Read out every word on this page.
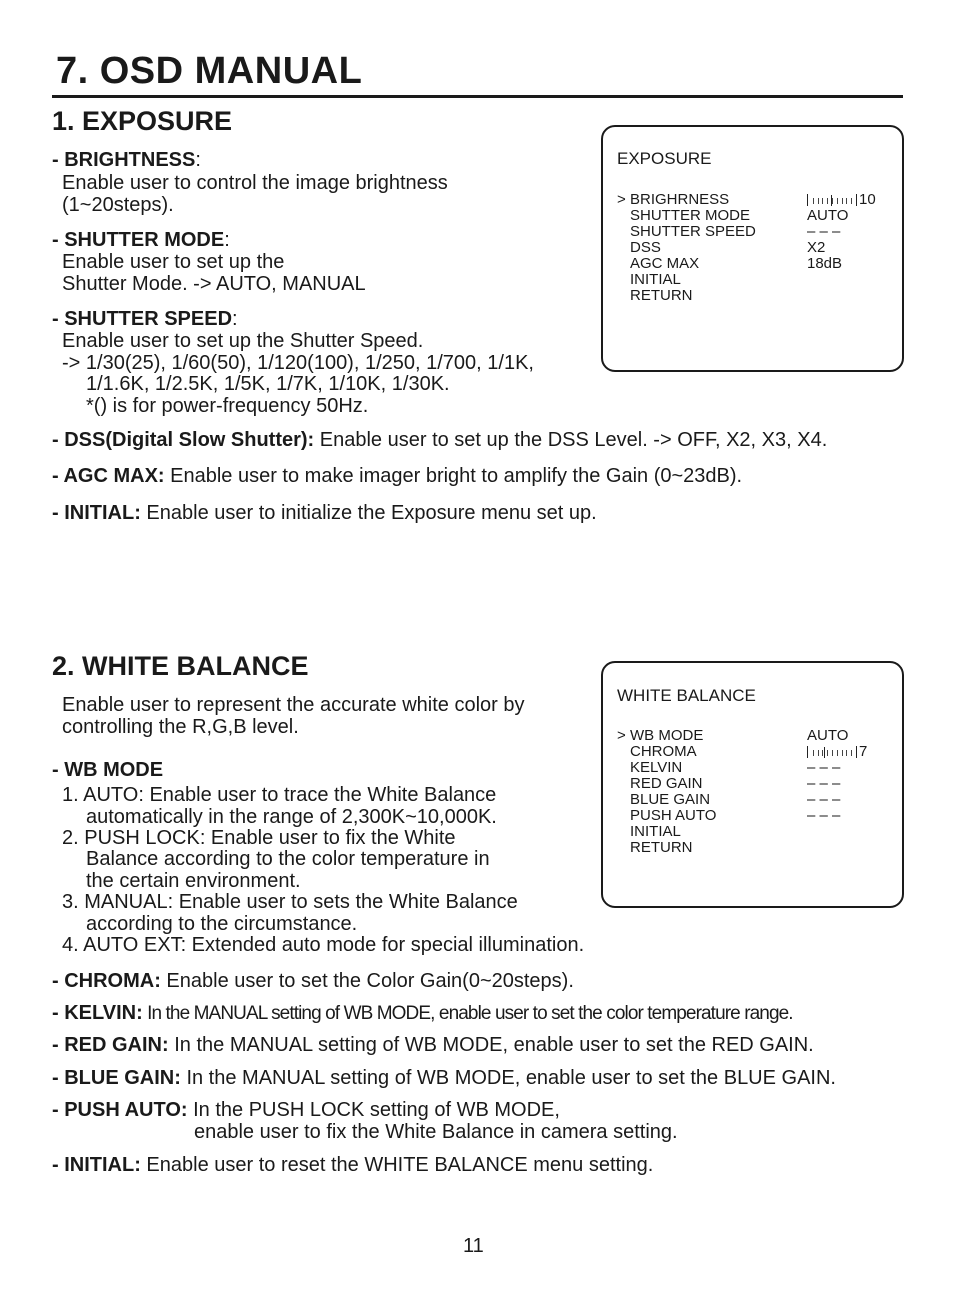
7. OSD MANUAL
1. EXPOSURE
- BRIGHTNESS:
Enable user to control the image brightness
(1~20steps).
- SHUTTER MODE:
Enable user to set up the
Shutter Mode. -> AUTO, MANUAL
- SHUTTER SPEED:
Enable user to set up the Shutter Speed.
-> 1/30(25), 1/60(50), 1/120(100), 1/250, 1/700, 1/1K,
1/1.6K, 1/2.5K, 1/5K, 1/7K, 1/10K, 1/30K.
*() is for power-frequency 50Hz.
- DSS(Digital Slow Shutter): Enable user to set up the DSS Level. -> OFF, X2, X3, X4.
- AGC MAX: Enable user to make imager bright to amplify the Gain (0~23dB).
- INITIAL: Enable user to initialize the Exposure menu set up.
EXPOSURE
> BRIGHRNESS	10
SHUTTER MODE	AUTO
SHUTTER SPEED	– – –
DSS	X2
AGC MAX	18dB
INITIAL
RETURN
2. WHITE BALANCE
Enable user to represent the accurate white color by
controlling the R,G,B level.
- WB MODE
1. AUTO: Enable user to trace the White Balance
automatically in the range of 2,300K~10,000K.
2. PUSH LOCK: Enable user to fix the White
Balance according to the color temperature in
the certain environment.
3. MANUAL: Enable user to sets the White Balance
according to the circumstance.
4. AUTO EXT: Extended auto mode for special illumination.
- CHROMA: Enable user to set the Color Gain(0~20steps).
- KELVIN: In the MANUAL setting of WB MODE, enable user to set the color temperature range.
- RED GAIN: In the MANUAL setting of WB MODE, enable user to set the RED GAIN.
- BLUE GAIN: In the MANUAL setting of WB MODE, enable user to set the BLUE GAIN.
- PUSH AUTO: In the PUSH LOCK setting of WB MODE,
enable user to fix the White Balance in camera setting.
- INITIAL: Enable user to reset the WHITE BALANCE menu setting.
WHITE BALANCE
> WB MODE	AUTO
CHROMA	7
KELVIN	– – –
RED GAIN	– – –
BLUE GAIN	– – –
PUSH AUTO	– – –
INITIAL
RETURN
11
